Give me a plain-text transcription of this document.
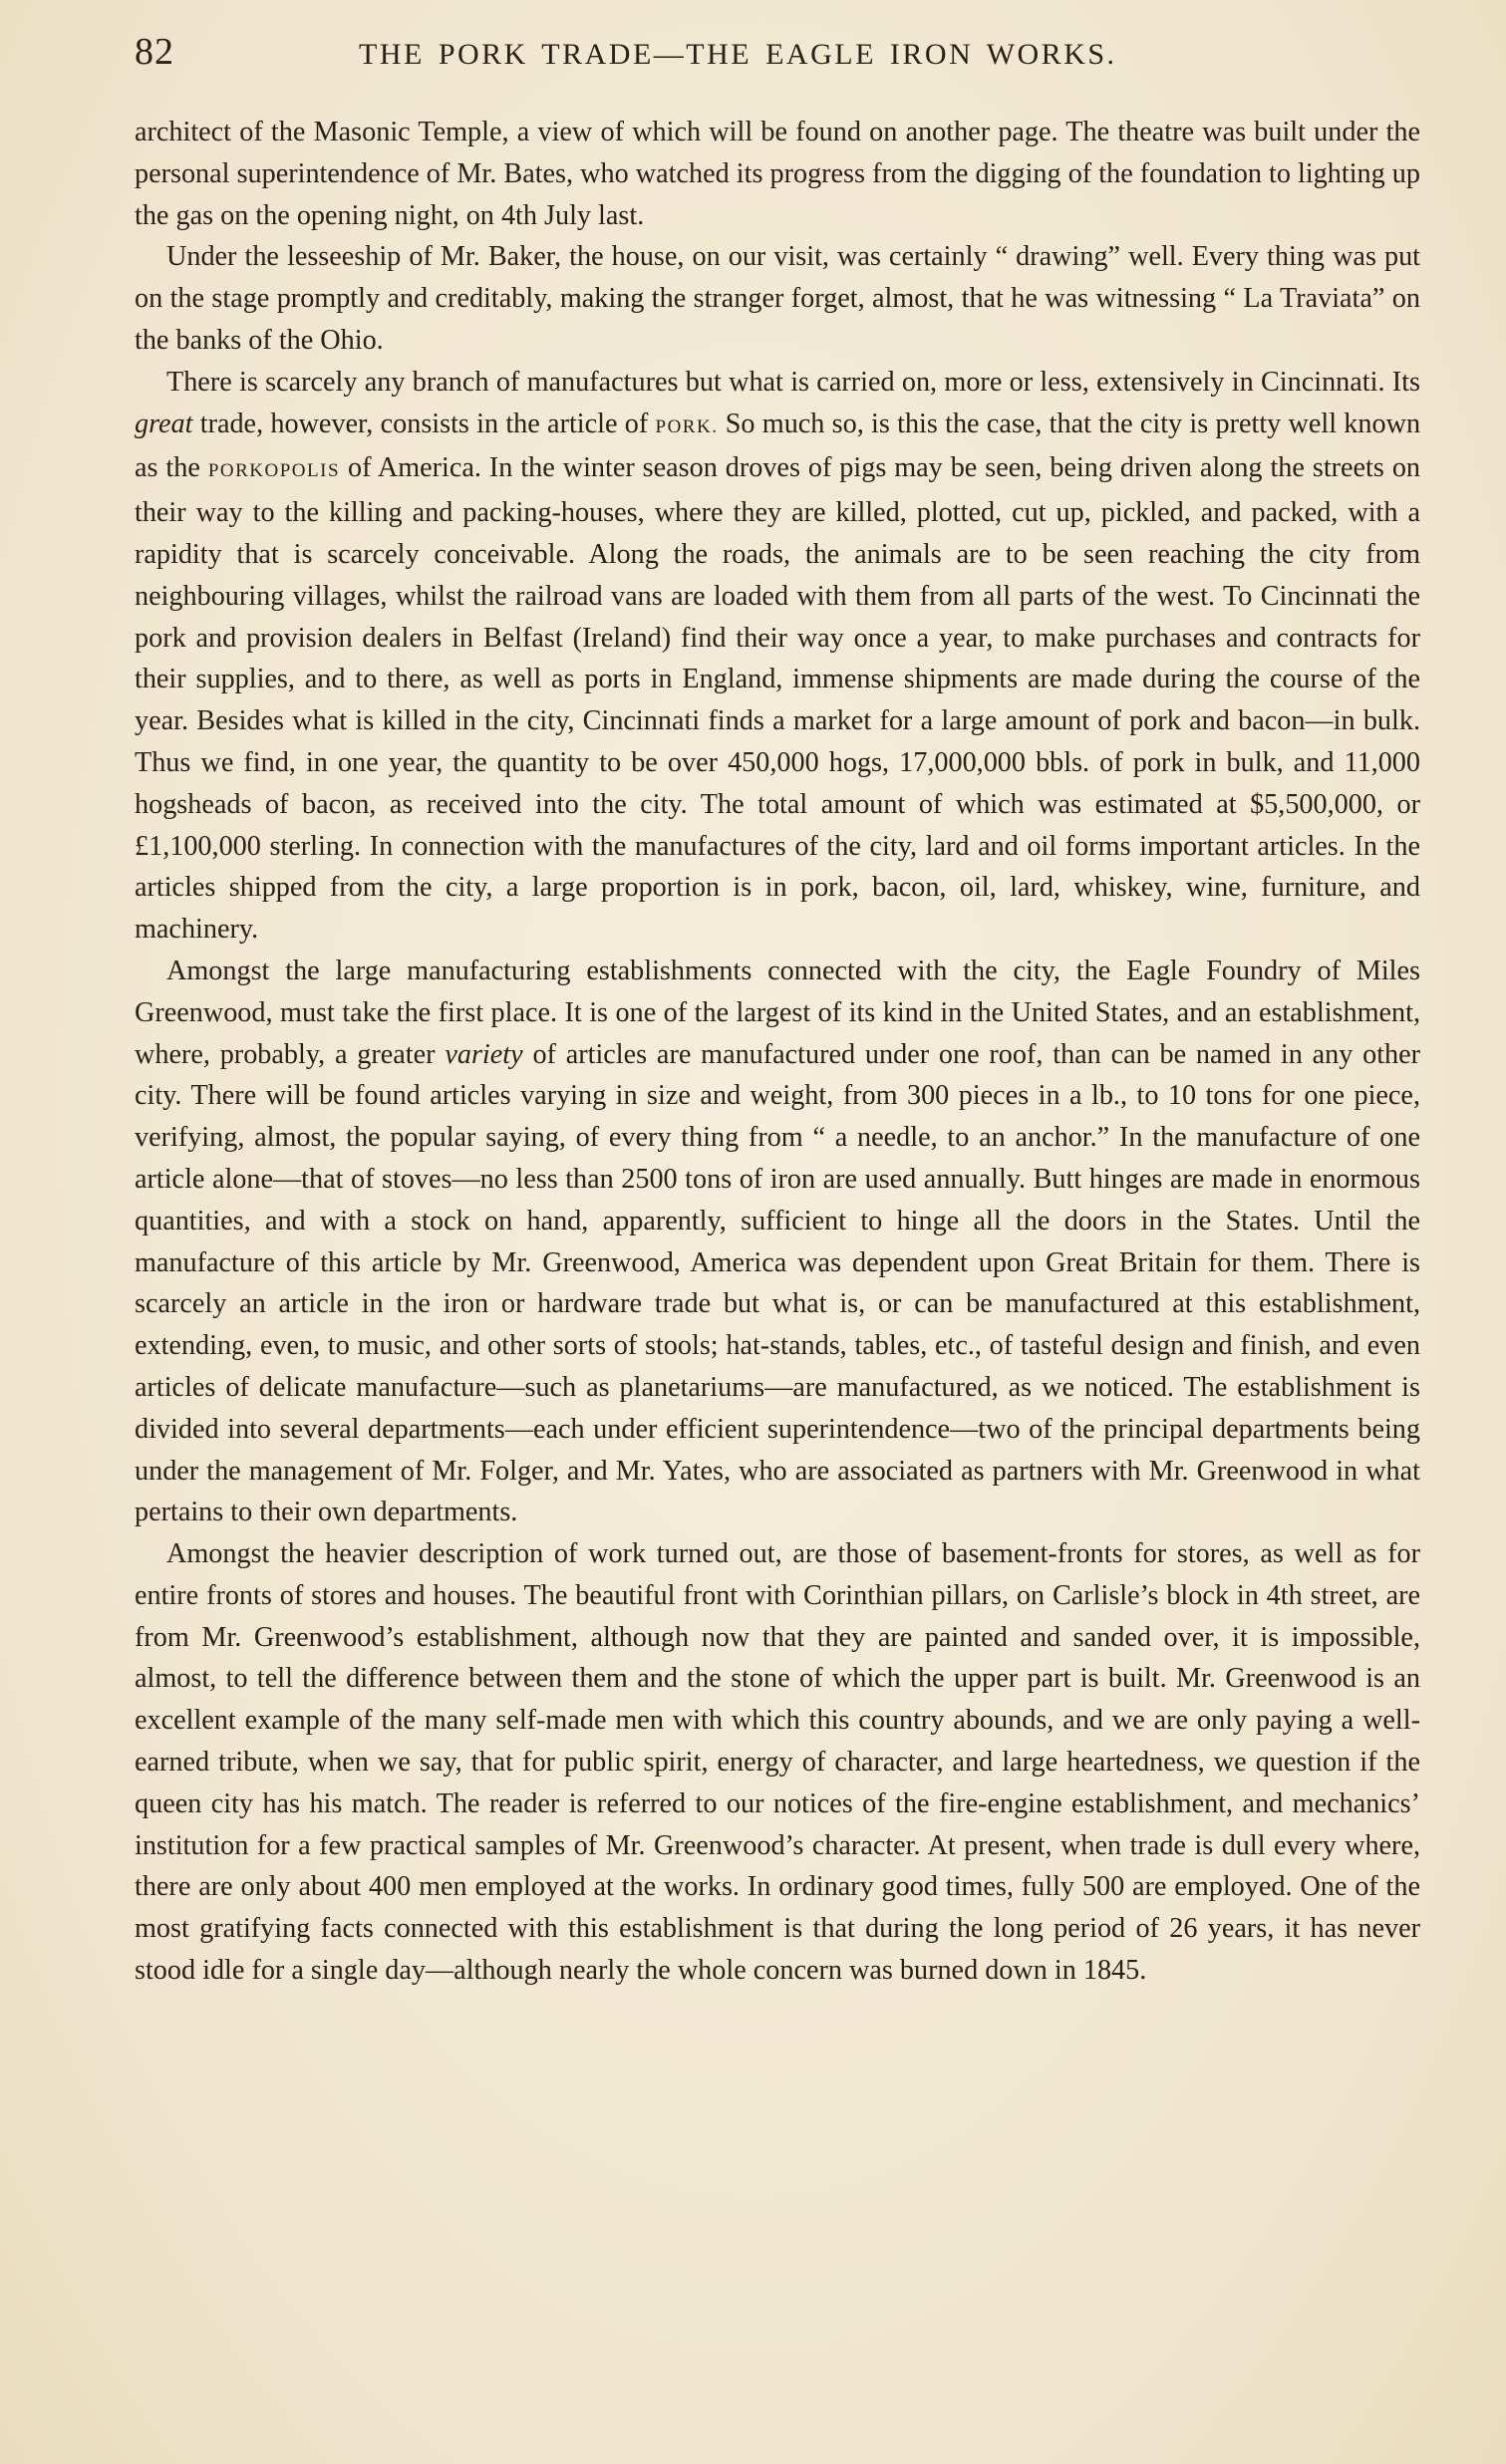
82	THE PORK TRADE—THE EAGLE IRON WORKS.

architect of the Masonic Temple, a view of which will be found on another page. The theatre was built under the personal superintendence of Mr. Bates, who watched its progress from the digging of the foundation to lighting up the gas on the opening night, on 4th July last.

Under the lesseeship of Mr. Baker, the house, on our visit, was certainly “ drawing” well. Every thing was put on the stage promptly and creditably, making the stranger forget, almost, that he was witnessing “ La Traviata” on the banks of the Ohio.

There is scarcely any branch of manufactures but what is carried on, more or less, extensively in Cincinnati. Its great trade, however, consists in the article of PORK. So much so, is this the case, that the city is pretty well known as the PORKOPOLIS of America. In the winter season droves of pigs may be seen, being driven along the streets on their way to the killing and packing-houses, where they are killed, plotted, cut up, pickled, and packed, with a rapidity that is scarcely conceivable. Along the roads, the animals are to be seen reaching the city from neighbouring villages, whilst the railroad vans are loaded with them from all parts of the west. To Cincinnati the pork and provision dealers in Belfast (Ireland) find their way once a year, to make purchases and contracts for their supplies, and to there, as well as ports in England, immense shipments are made during the course of the year. Besides what is killed in the city, Cincinnati finds a market for a large amount of pork and bacon—in bulk. Thus we find, in one year, the quantity to be over 450,000 hogs, 17,000,000 bbls. of pork in bulk, and 11,000 hogsheads of bacon, as received into the city. The total amount of which was estimated at $5,500,000, or £1,100,000 sterling. In connection with the manufactures of the city, lard and oil forms important articles. In the articles shipped from the city, a large proportion is in pork, bacon, oil, lard, whiskey, wine, furniture, and machinery.

Amongst the large manufacturing establishments connected with the city, the Eagle Foundry of Miles Greenwood, must take the first place. It is one of the largest of its kind in the United States, and an establishment, where, probably, a greater variety of articles are manufactured under one roof, than can be named in any other city. There will be found articles varying in size and weight, from 300 pieces in a lb., to 10 tons for one piece, verifying, almost, the popular saying, of every thing from “ a needle, to an anchor.” In the manufacture of one article alone—that of stoves—no less than 2500 tons of iron are used annually. Butt hinges are made in enormous quantities, and with a stock on hand, apparently, sufficient to hinge all the doors in the States. Until the manufacture of this article by Mr. Greenwood, America was dependent upon Great Britain for them. There is scarcely an article in the iron or hardware trade but what is, or can be manufactured at this establishment, extending, even, to music, and other sorts of stools; hat-stands, tables, etc., of tasteful design and finish, and even articles of delicate manufacture—such as planetariums—are manufactured, as we noticed. The establishment is divided into several departments—each under efficient superintendence—two of the principal departments being under the management of Mr. Folger, and Mr. Yates, who are associated as partners with Mr. Greenwood in what pertains to their own departments.

Amongst the heavier description of work turned out, are those of basement-fronts for stores, as well as for entire fronts of stores and houses. The beautiful front with Corinthian pillars, on Carlisle’s block in 4th street, are from Mr. Greenwood’s establishment, although now that they are painted and sanded over, it is impossible, almost, to tell the difference between them and the stone of which the upper part is built. Mr. Greenwood is an excellent example of the many self-made men with which this country abounds, and we are only paying a well-earned tribute, when we say, that for public spirit, energy of character, and large heartedness, we question if the queen city has his match. The reader is referred to our notices of the fire-engine establishment, and mechanics’ institution for a few practical samples of Mr. Greenwood’s character. At present, when trade is dull every where, there are only about 400 men employed at the works. In ordinary good times, fully 500 are employed. One of the most gratifying facts connected with this establishment is that during the long period of 26 years, it has never stood idle for a single day—although nearly the whole concern was burned down in 1845.
